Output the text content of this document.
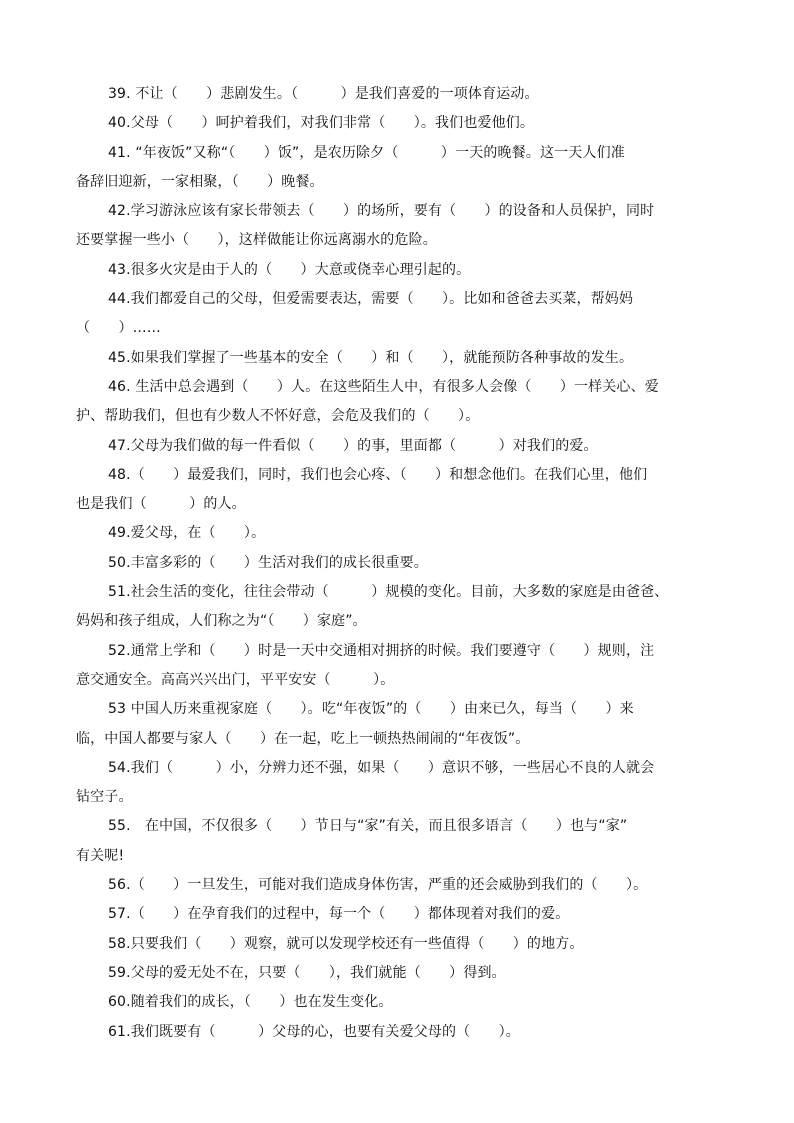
39. 不让（　　）悲剧发生。（　　　）是我们喜爱的一项体育运动。
40.父母（　　）呵护着我们，对我们非常（　　）。我们也爱他们。
41. “年夜饭”又称“（　　）饭”，是农历除夕（　　　）一天的晚餐。这一天人们准
备辞旧迎新，一家相聚，（　　）晚餐。
42.学习游泳应该有家长带领去（　　）的场所，要有（　　）的设备和人员保护，同时
还要掌握一些小（　　），这样做能让你远离溺水的危险。
43.很多火灾是由于人的（　　）大意或侥幸心理引起的。
44.我们都爱自己的父母，但爱需要表达，需要（　　）。比如和爸爸去买菜，帮妈妈
（　　）……
45.如果我们掌握了一些基本的安全（　　）和（　　），就能预防各种事故的发生。
46. 生活中总会遇到（　　）人。在这些陌生人中，有很多人会像（　　）一样关心、爱
护、帮助我们，但也有少数人不怀好意，会危及我们的（　　）。
47.父母为我们做的每一件看似（　　）的事，里面都（　　　）对我们的爱。
48.（　　）最爱我们，同时，我们也会心疼、（　　）和想念他们。在我们心里，他们
也是我们（　　　）的人。
49.爱父母，在（　　）。
50.丰富多彩的（　　）生活对我们的成长很重要。
51.社会生活的变化，往往会带动（　　　）规模的变化。目前，大多数的家庭是由爸爸、
妈妈和孩子组成，人们称之为“（　　）家庭”。
52.通常上学和（　　）时是一天中交通相对拥挤的时候。我们要遵守（　　）规则，注
意交通安全。高高兴兴出门，平平安安（　　　）。
53 中国人历来重视家庭（　　）。吃“年夜饭”的（　　）由来已久，每当（　　）来
临，中国人都要与家人（　　）在一起，吃上一顿热热闹闹的“年夜饭”。
54.我们（　　　）小，分辨力还不强，如果（　　）意识不够，一些居心不良的人就会
钻空子。
55.　在中国，不仅很多（　　）节日与“家”有关，而且很多语言（　　）也与“家”
有关呢!
56.（　　）一旦发生，可能对我们造成身体伤害，严重的还会威胁到我们的（　　）。
57.（　　）在孕育我们的过程中，每一个（　　）都体现着对我们的爱。
58.只要我们（　　）观察，就可以发现学校还有一些值得（　　）的地方。
59.父母的爱无处不在，只要（　　），我们就能（　　）得到。
60.随着我们的成长，（　　）也在发生变化。
61.我们既要有（　　　）父母的心，也要有关爱父母的（　　）。
